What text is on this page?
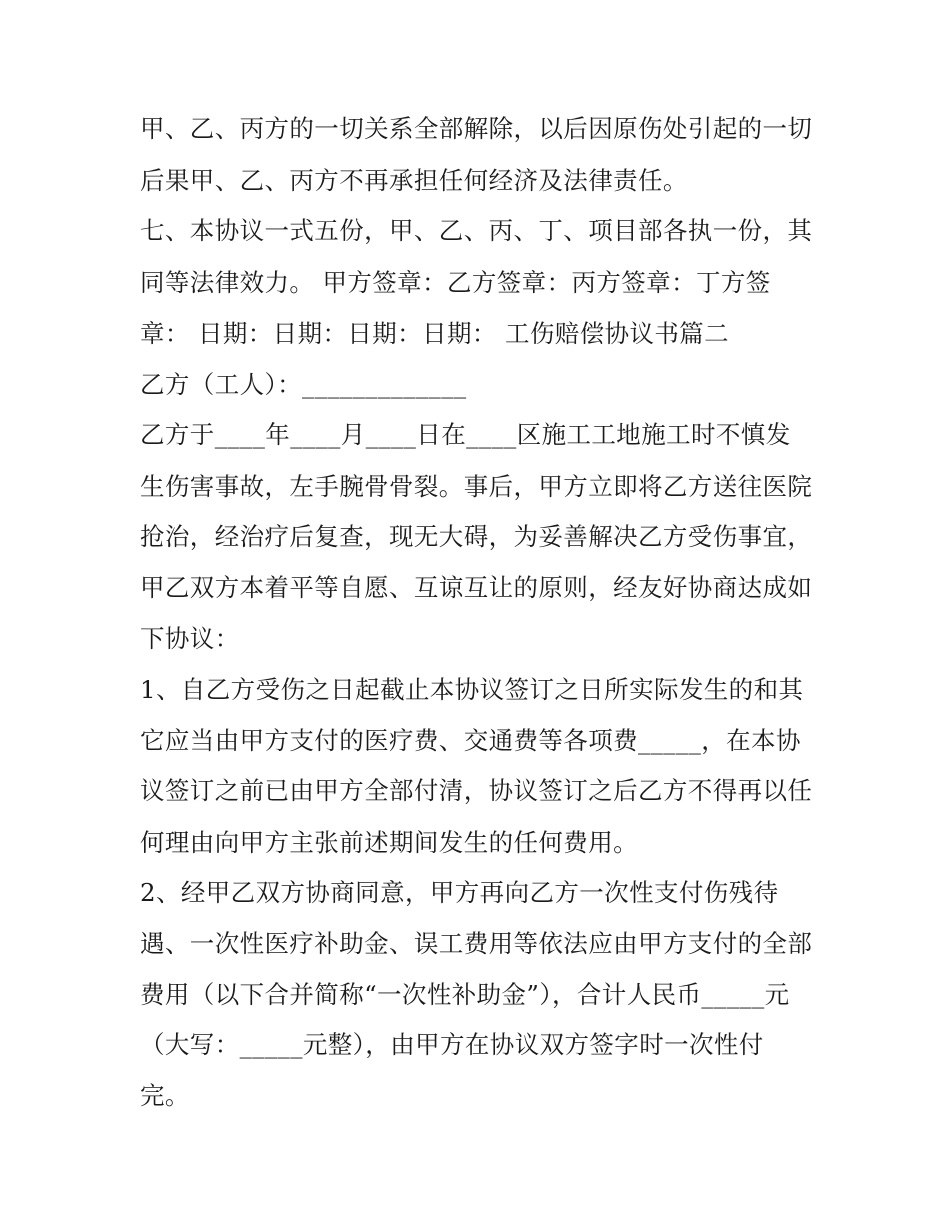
甲、乙、丙方的一切关系全部解除，以后因原伤处引起的一切
后果甲、乙、丙方不再承担任何经济及法律责任。
七、本协议一式五份，甲、乙、丙、丁、项目部各执一份，其
同等法律效力。 甲方签章：乙方签章：丙方签章：丁方签
章： 日期：日期：日期：日期： 工伤赔偿协议书篇二
乙方（工人）：_____________
乙方于____年____月____日在____区施工工地施工时不慎发
生伤害事故，左手腕骨骨裂。事后，甲方立即将乙方送往医院
抢治，经治疗后复查，现无大碍，为妥善解决乙方受伤事宜，
甲乙双方本着平等自愿、互谅互让的原则，经友好协商达成如
下协议：
1、自乙方受伤之日起截止本协议签订之日所实际发生的和其
它应当由甲方支付的医疗费、交通费等各项费_____，在本协
议签订之前已由甲方全部付清，协议签订之后乙方不得再以任
何理由向甲方主张前述期间发生的任何费用。
2、经甲乙双方协商同意，甲方再向乙方一次性支付伤残待
遇、一次性医疗补助金、误工费用等依法应由甲方支付的全部
费用（以下合并简称“一次性补助金”），合计人民币_____元
（大写：_____元整），由甲方在协议双方签字时一次性付
完。
